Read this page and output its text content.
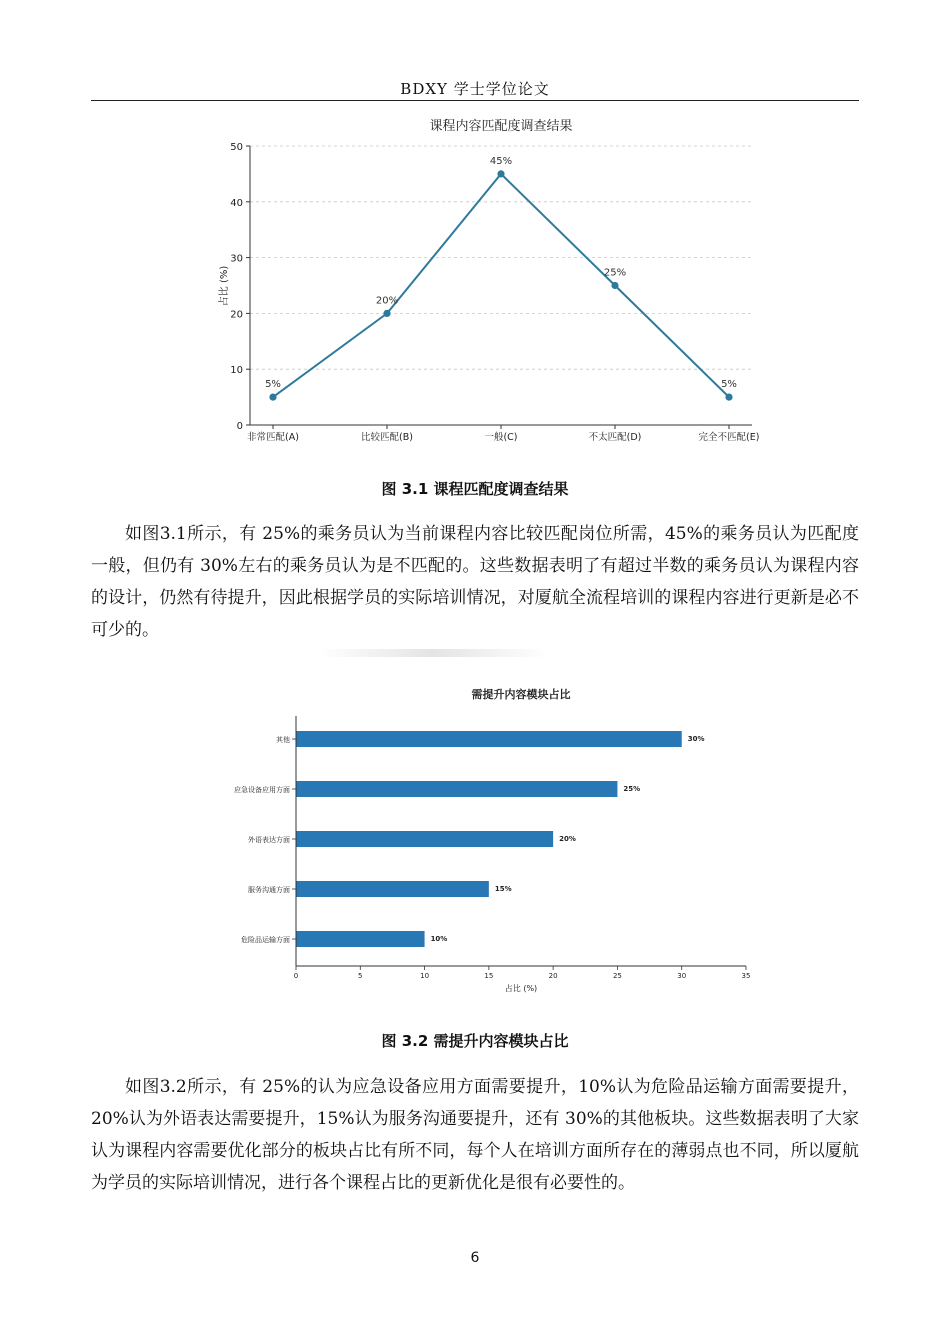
BDXY 学士学位论文
课程内容匹配度调查结果
占比 (%)
0
10
20
30
40
50
非常匹配(A)	比较匹配(B)	一般(C)	不太匹配(D)	完全不匹配(E)
5%
20%
45%
25%
5%
图 3.1 课程匹配度调查结果

如图3.1所示，有 25%的乘务员认为当前课程内容比较匹配岗位所需，45%的乘务员认为匹配度一般，但仍有 30%左右的乘务员认为是不匹配的。这些数据表明了有超过半数的乘务员认为课程内容的设计，仍然有待提升，因此根据学员的实际培训情况，对厦航全流程培训的课程内容进行更新是必不可少的。

需提升内容模块占比
其他
应急设备应用方面
外语表达方面
服务沟通方面
危险品运输方面
30%
25%
20%
15%
10%
0	5	10	15	20	25	30	35
占比 (%)
图 3.2 需提升内容模块占比

如图3.2所示，有 25%的认为应急设备应用方面需要提升，10%认为危险品运输方面需要提升，20%认为外语表达需要提升，15%认为服务沟通要提升，还有 30%的其他板块。这些数据表明了大家认为课程内容需要优化部分的板块占比有所不同，每个人在培训方面所存在的薄弱点也不同，所以厦航为学员的实际培训情况，进行各个课程占比的更新优化是很有必要性的。

6
